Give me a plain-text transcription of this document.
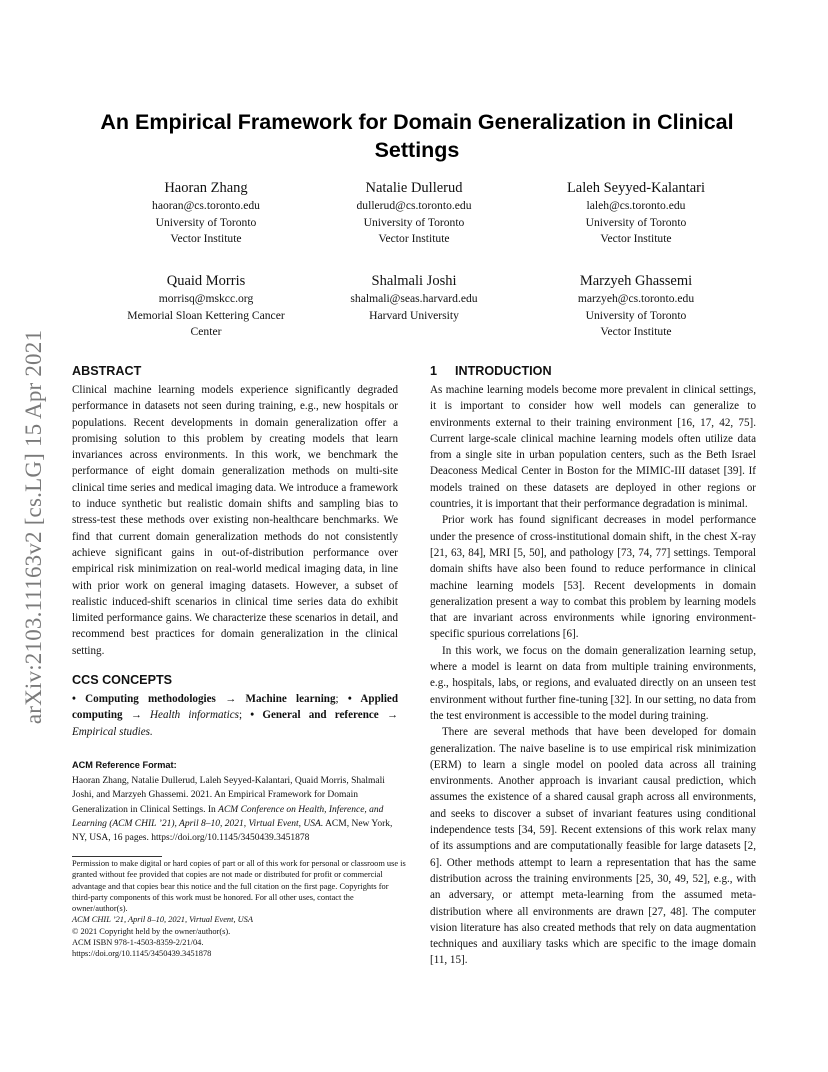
arXiv:2103.11163v2 [cs.LG] 15 Apr 2021
An Empirical Framework for Domain Generalization in Clinical
Settings
Haoran Zhang
haoran@cs.toronto.edu
University of Toronto
Vector Institute
Natalie Dullerud
dullerud@cs.toronto.edu
University of Toronto
Vector Institute
Laleh Seyyed-Kalantari
laleh@cs.toronto.edu
University of Toronto
Vector Institute
Quaid Morris
morrisq@mskcc.org
Memorial Sloan Kettering Cancer
Center
Shalmali Joshi
shalmali@seas.harvard.edu
Harvard University
Marzyeh Ghassemi
marzyeh@cs.toronto.edu
University of Toronto
Vector Institute
ABSTRACT

Clinical machine learning models experience significantly degraded performance in datasets not seen during training, e.g., new hospitals or populations. Recent developments in domain generalization offer a promising solution to this problem by creating models that learn invariances across environments. In this work, we benchmark the performance of eight domain generalization methods on multi-site clinical time series and medical imaging data. We introduce a framework to induce synthetic but realistic domain shifts and sampling bias to stress-test these methods over existing non-healthcare benchmarks. We find that current domain generalization methods do not consistently achieve significant gains in out-of-distribution performance over empirical risk minimization on real-world medical imaging data, in line with prior work on general imaging datasets. However, a subset of realistic induced-shift scenarios in clinical time series data do exhibit limited performance gains. We characterize these scenarios in detail, and recommend best practices for domain generalization in the clinical setting.

CCS CONCEPTS
• Computing methodologies → Machine learning; • Applied computing → Health informatics; • General and reference → Empirical studies.
ACM Reference Format:
Haoran Zhang, Natalie Dullerud, Laleh Seyyed-Kalantari, Quaid Morris, Shalmali Joshi, and Marzyeh Ghassemi. 2021. An Empirical Framework for Domain Generalization in Clinical Settings. In ACM Conference on Health, Inference, and Learning (ACM CHIL ’21), April 8–10, 2021, Virtual Event, USA. ACM, New York, NY, USA, 16 pages. https://doi.org/10.1145/3450439.3451878
Permission to make digital or hard copies of part or all of this work for personal or classroom use is granted without fee provided that copies are not made or distributed for profit or commercial advantage and that copies bear this notice and the full citation on the first page. Copyrights for third-party components of this work must be honored. For all other uses, contact the owner/author(s).
ACM CHIL ’21, April 8–10, 2021, Virtual Event, USA
© 2021 Copyright held by the owner/author(s).
ACM ISBN 978-1-4503-8359-2/21/04.
https://doi.org/10.1145/3450439.3451878
1 INTRODUCTION

As machine learning models become more prevalent in clinical settings, it is important to consider how well models can generalize to environments external to their training environment [16, 17, 42, 75]. Current large-scale clinical machine learning models often utilize data from a single site in urban population centers, such as the Beth Israel Deaconess Medical Center in Boston for the MIMIC-III dataset [39]. If models trained on these datasets are deployed in other regions or countries, it is important that their performance degradation is minimal.

Prior work has found significant decreases in model performance under the presence of cross-institutional domain shift, in the chest X-ray [21, 63, 84], MRI [5, 50], and pathology [73, 74, 77] settings. Temporal domain shifts have also been found to reduce performance in clinical machine learning models [53]. Recent developments in domain generalization present a way to combat this problem by learning models that are invariant across environments while ignoring environment-specific spurious correlations [6].

In this work, we focus on the domain generalization learning setup, where a model is learnt on data from multiple training environments, e.g., hospitals, labs, or regions, and evaluated directly on an unseen test environment without further fine-tuning [32]. In our setting, no data from the test environment is accessible to the model during training.

There are several methods that have been developed for domain generalization. The naive baseline is to use empirical risk minimization (ERM) to learn a single model on pooled data across all training environments. Another approach is invariant causal prediction, which assumes the existence of a shared causal graph across all environments, and seeks to discover a subset of invariant features using conditional independence tests [34, 59]. Recent extensions of this work relax many of its assumptions and are computationally feasible for large datasets [2, 6]. Other methods attempt to learn a representation that has the same distribution across the training environments [25, 30, 49, 52], e.g., with an adversary, or attempt meta-learning from the assumed meta-distribution where all environments are drawn [27, 48]. The computer vision literature has also created methods that rely on data augmentation techniques and auxiliary tasks which are specific to the image domain [11, 15].
